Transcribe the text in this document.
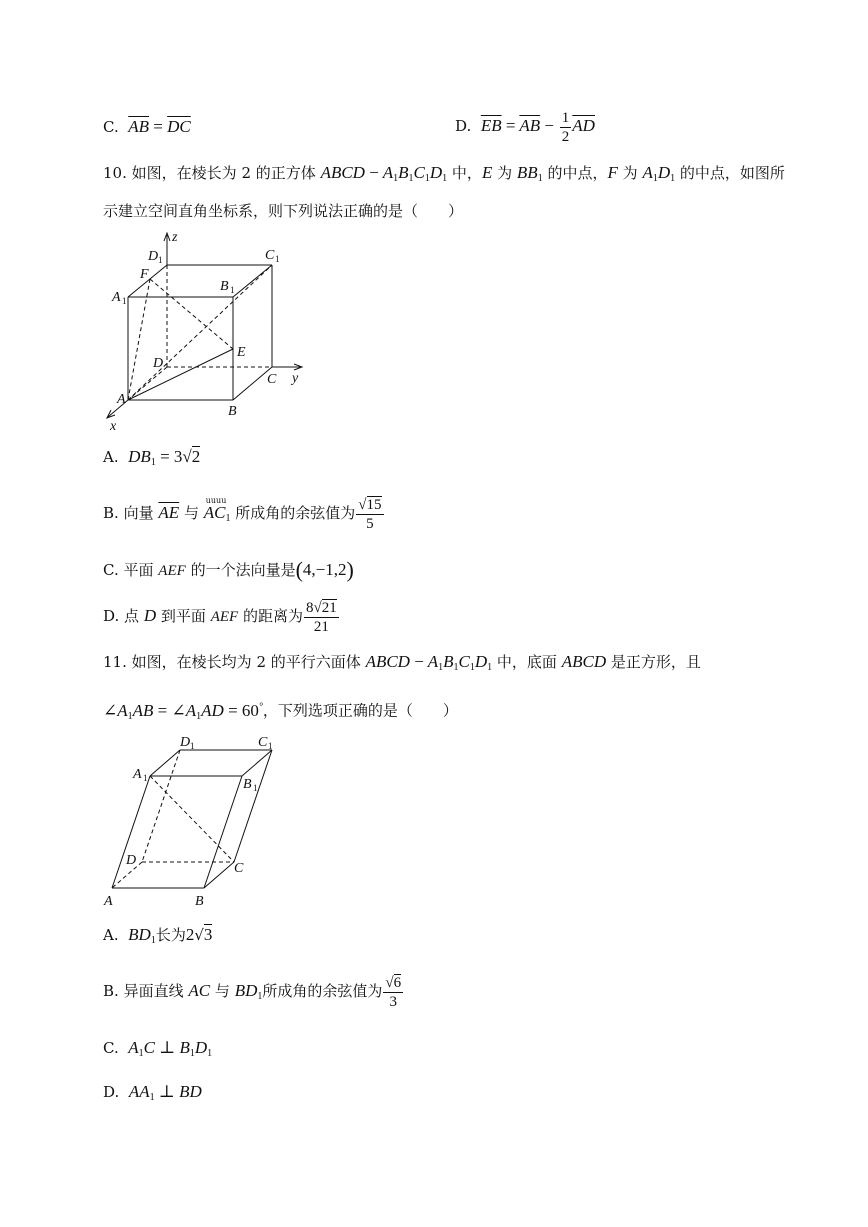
C. $\overline{AB} = \overline{DC}$	D. $\overline{EB} = \overline{AB} - \frac{1}{2} \overline{AD}$
10. 如图，在棱长为 2 的正方体 ABCD − $A_1B_1C_1D_1$ 中，E 为 $BB_1$ 的中点，F 为 $A_1D_1$ 的中点，如图所
示建立空间直角坐标系，则下列说法正确的是（　　）
D 1
z
C 1
F
A 1
B 1
E
D
C y
A
B
x
A. $DB_1 = 3√2$
B. 向量 $\overline{AE}$ 与
uuuu
$AC_1$ 所成角的余弦值为 $\frac{√15}{5}$
C. 平面 AEF 的一个法向量是(4,−1,2)
D. 点 D 到平面 AEF 的距离为 $\frac{8√21}{21}$
11. 如图，在棱长均为 2 的平行六面体 ABCD − $A_1B_1C_1D_1$ 中，底面 ABCD 是正方形，且
$\angle A_1AB$ = $\angle A_1AD = 60^\circ$，下列选项正确的是（　　）
D 1	C 1
A 1	B 1
D
C
A	B
A. $BD_1$长为2√3
B. 异面直线 AC 与 $BD_1$所成角的余弦值为 $\frac{√6}{3}$
C. $A_1C$ ⊥ $B_1D_1$
D. $AA_1$ ⊥ BD
